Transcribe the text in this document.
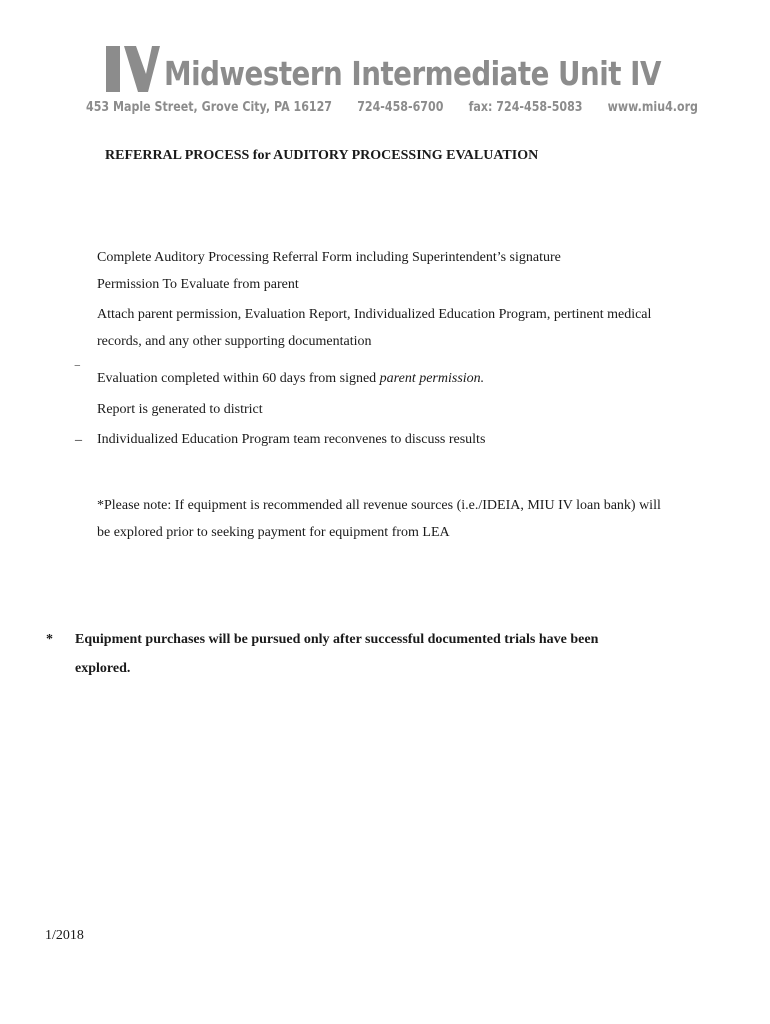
Midwestern Intermediate Unit IV
453 Maple Street, Grove City, PA 16127 724-458-6700 fax: 724-458-5083 www.miu4.org
REFERRAL PROCESS for AUDITORY PROCESSING EVALUATION
Complete Auditory Processing Referral Form including Superintendent’s signature
Permission To Evaluate from parent
Attach parent permission, Evaluation Report, Individualized Education Program, pertinent medical
records, and any other supporting documentation
‾ Evaluation completed within 60 days from signed parent permission.
Report is generated to district
_ Individualized Education Program team reconvenes to discuss results
*Please note: If equipment is recommended all revenue sources (i.e./IDEIA, MIU IV loan bank) will
be explored prior to seeking payment for equipment from LEA
* Equipment purchases will be pursued only after successful documented trials have been
explored.
1/2018
